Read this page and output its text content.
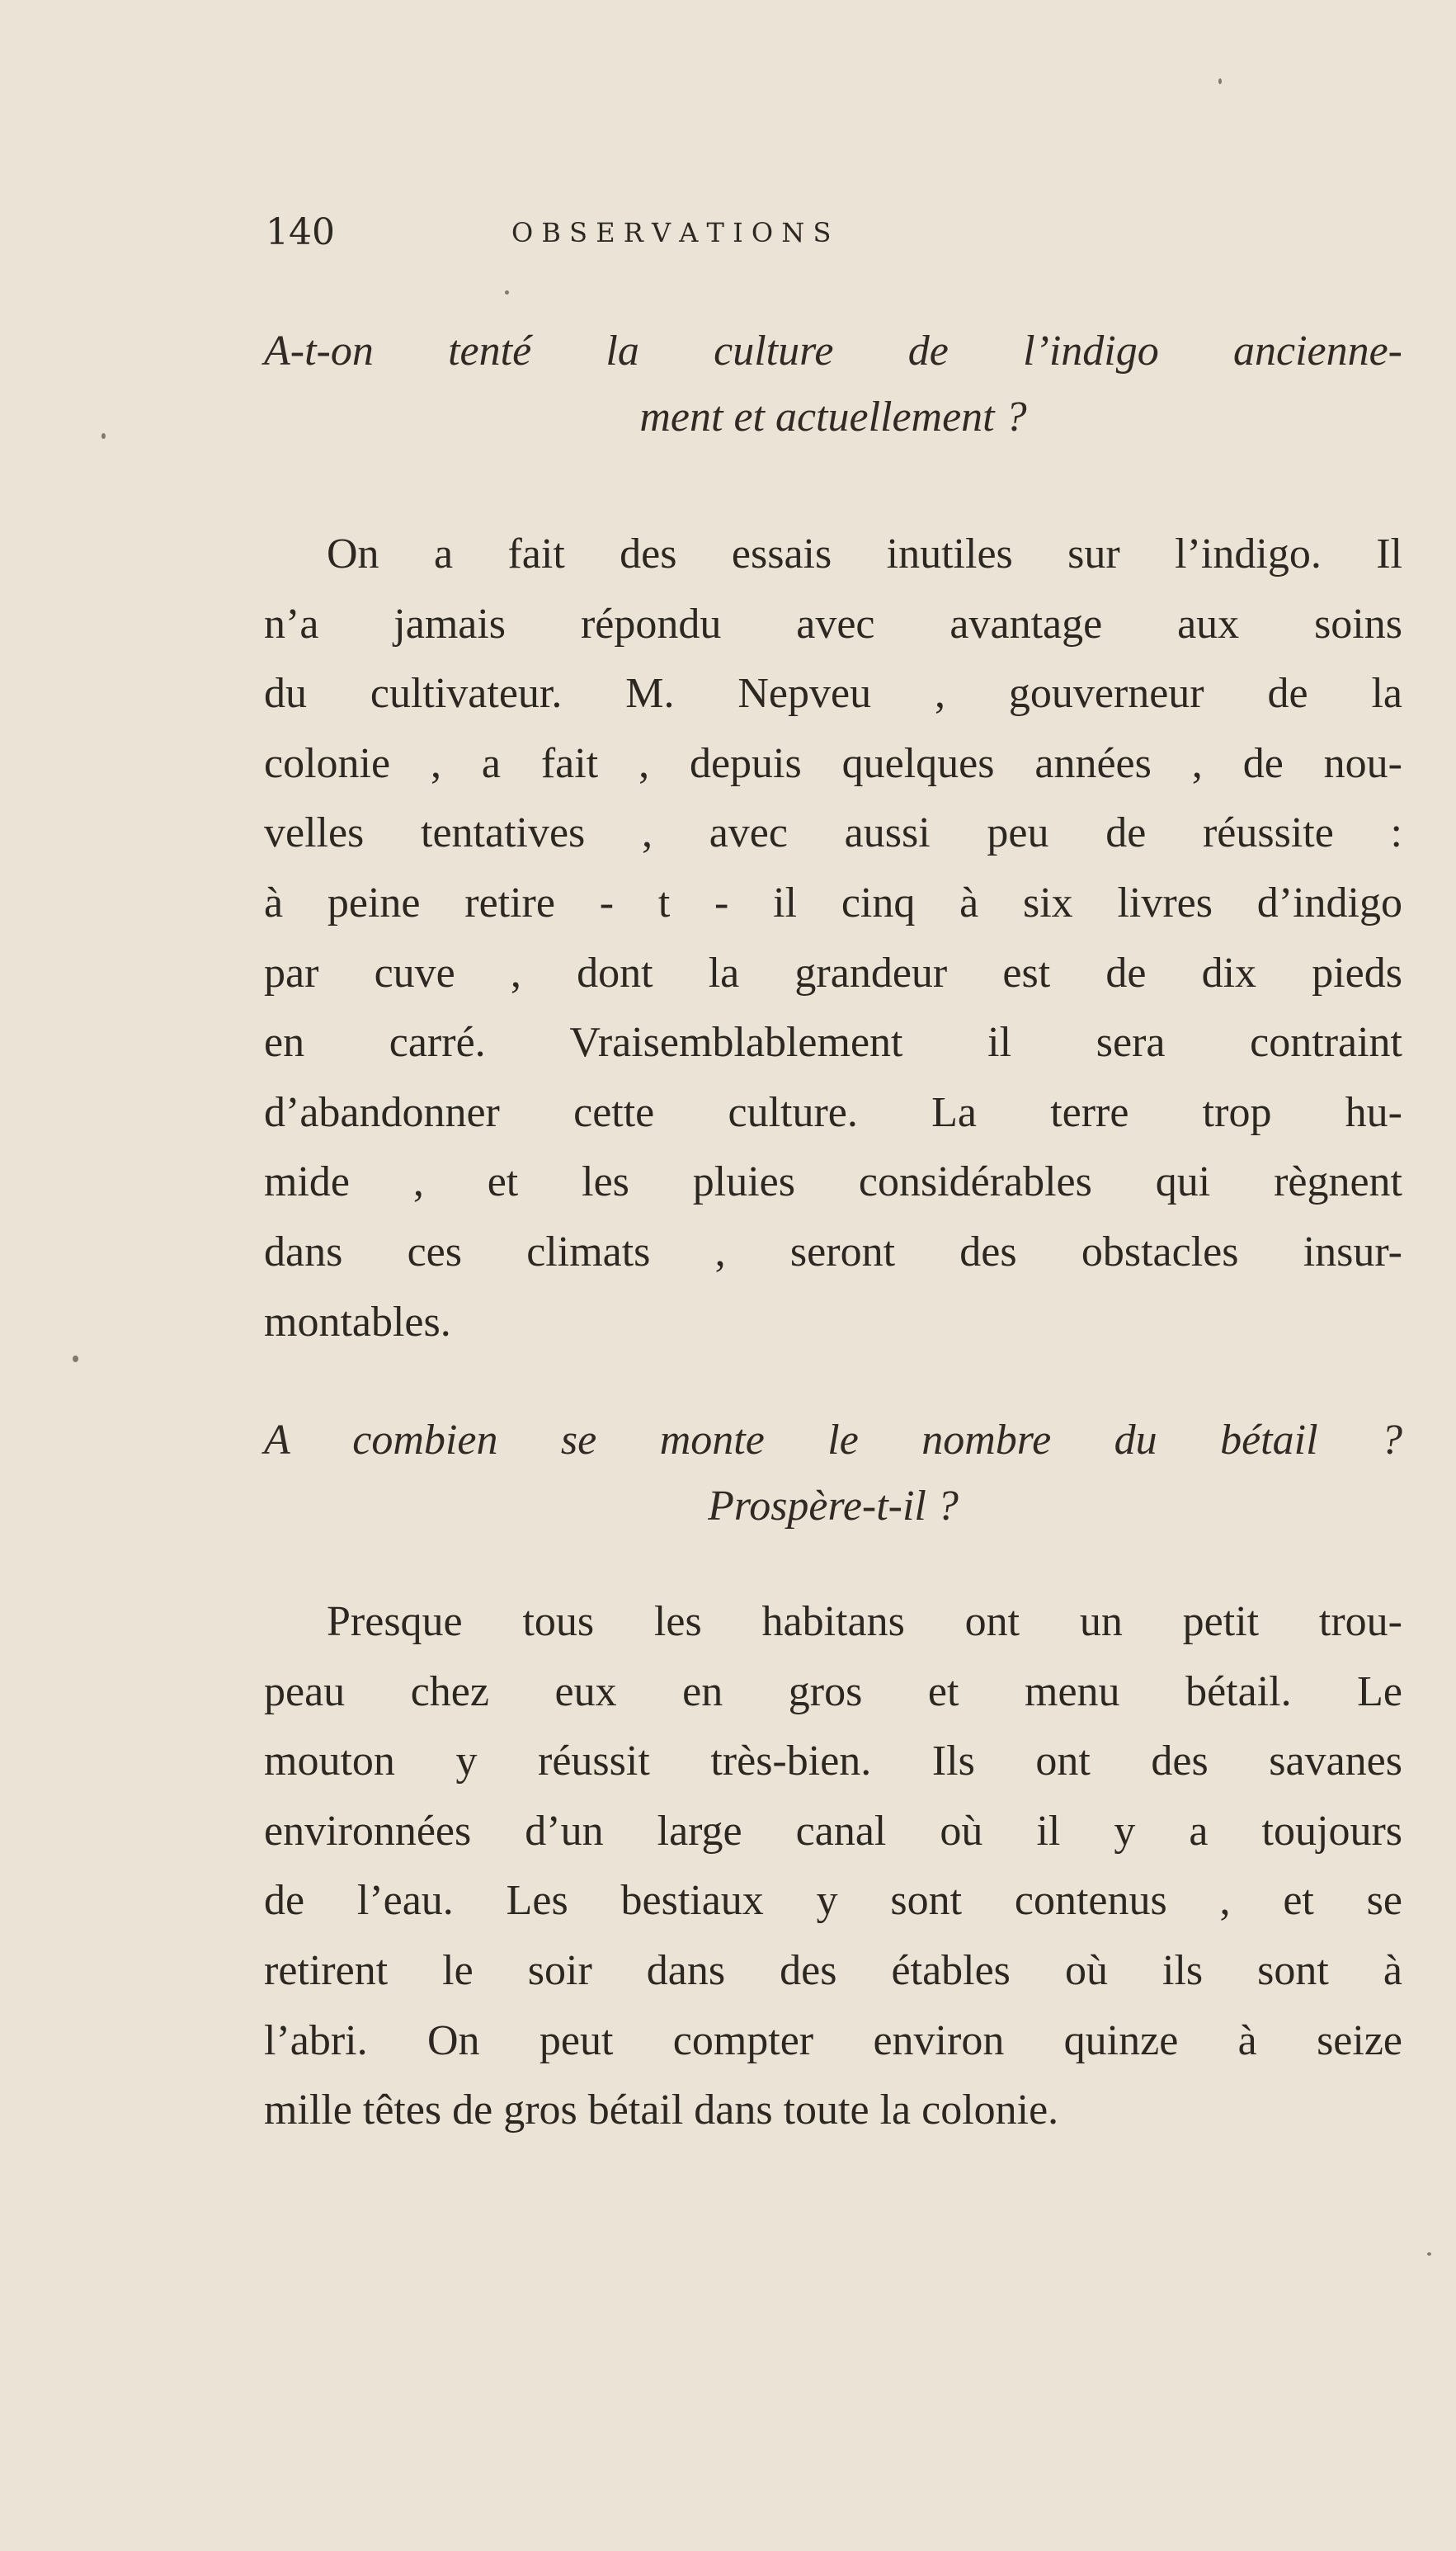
140	O B S E R V A T I O N S
A-t-on tenté la culture de l’indigo ancienne-
ment et actuellement ?
On a fait des essais inutiles sur l’indigo. Il
n’a jamais répondu avec avantage aux soins
du cultivateur. M. Nepveu , gouverneur de la
colonie , a fait , depuis quelques années , de nou-
velles tentatives , avec aussi peu de réussite :
à peine retire - t - il cinq à six livres d’indigo
par cuve , dont la grandeur est de dix pieds
en carré. Vraisemblablement il sera contraint
d’abandonner cette culture. La terre trop hu-
mide , et les pluies considérables qui règnent
dans ces climats , seront des obstacles insur-
montables.
A combien se monte le nombre du bétail ?
Prospère-t-il ?
Presque tous les habitans ont un petit trou-
peau chez eux en gros et menu bétail. Le
mouton y réussit très-bien. Ils ont des savanes
environnées d’un large canal où il y a toujours
de l’eau. Les bestiaux y sont contenus , et se
retirent le soir dans des étables où ils sont à
l’abri. On peut compter environ quinze à seize
mille têtes de gros bétail dans toute la colonie.
